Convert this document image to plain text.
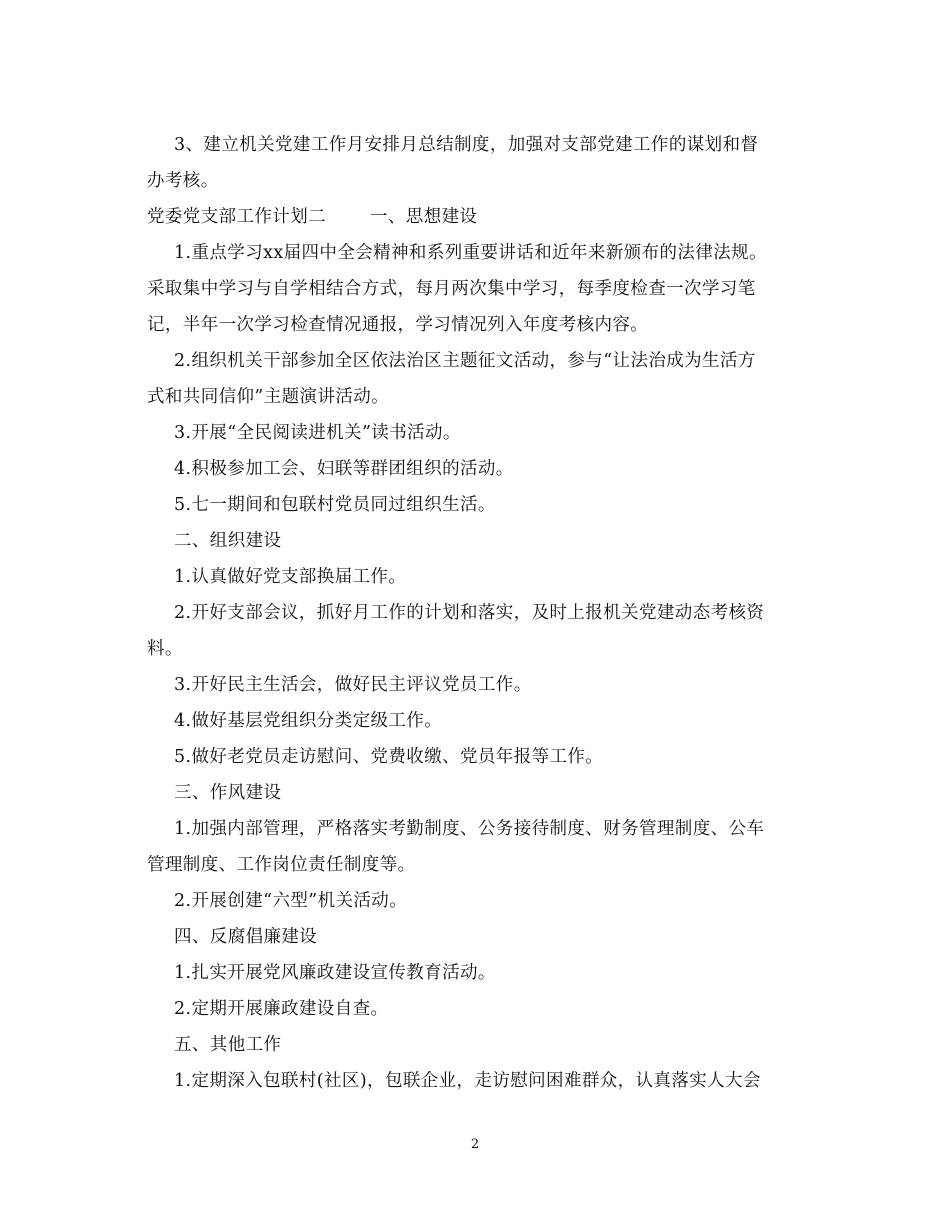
3、建立机关党建工作月安排月总结制度，加强对支部党建工作的谋划和督
办考核。
党委党支部工作计划二	一、思想建设
1.重点学习xx届四中全会精神和系列重要讲话和近年来新颁布的法律法规。
采取集中学习与自学相结合方式，每月两次集中学习，每季度检查一次学习笔
记，半年一次学习检查情况通报，学习情况列入年度考核内容。
2.组织机关干部参加全区依法治区主题征文活动，参与“让法治成为生活方
式和共同信仰”主题演讲活动。
3.开展“全民阅读进机关”读书活动。
4.积极参加工会、妇联等群团组织的活动。
5.七一期间和包联村党员同过组织生活。
二、组织建设
1.认真做好党支部换届工作。
2.开好支部会议，抓好月工作的计划和落实，及时上报机关党建动态考核资
料。
3.开好民主生活会，做好民主评议党员工作。
4.做好基层党组织分类定级工作。
5.做好老党员走访慰问、党费收缴、党员年报等工作。
三、作风建设
1.加强内部管理，严格落实考勤制度、公务接待制度、财务管理制度、公车
管理制度、工作岗位责任制度等。
2.开展创建“六型”机关活动。
四、反腐倡廉建设
1.扎实开展党风廉政建设宣传教育活动。
2.定期开展廉政建设自查。
五、其他工作
1.定期深入包联村(社区)，包联企业，走访慰问困难群众，认真落实人大会
2
